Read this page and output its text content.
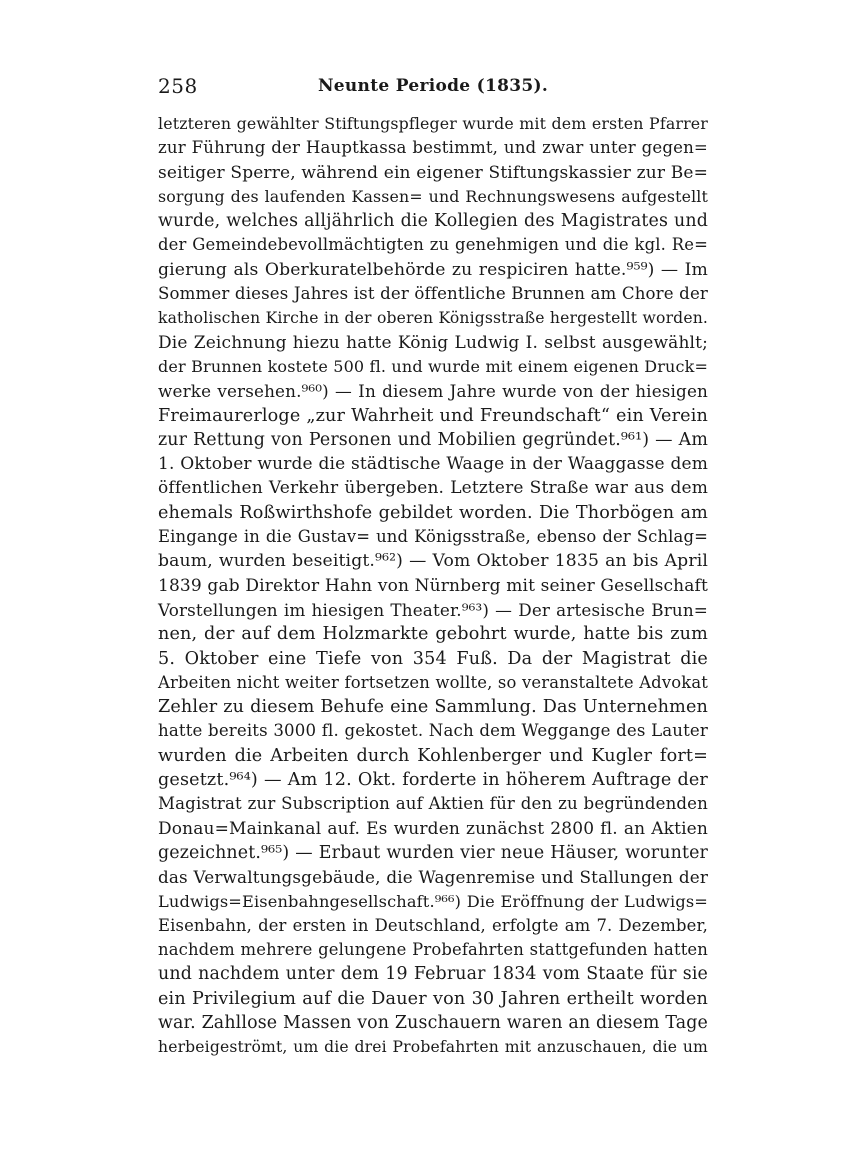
258	Neunte Periode (1835).
letzteren gewählter Stiftungspfleger wurde mit dem ersten Pfarrer
zur Führung der Hauptkassa bestimmt, und zwar unter gegen=
seitiger Sperre, während ein eigener Stiftungskassier zur Be=
sorgung des laufenden Kassen= und Rechnungswesens aufgestellt
wurde, welches alljährlich die Kollegien des Magistrates und
der Gemeindebevollmächtigten zu genehmigen und die kgl. Re=
gierung als Oberkuratelbehörde zu respiciren hatte.⁹⁵⁹) — Im
Sommer dieses Jahres ist der öffentliche Brunnen am Chore der
katholischen Kirche in der oberen Königsstraße hergestellt worden.
Die Zeichnung hiezu hatte König Ludwig I. selbst ausgewählt;
der Brunnen kostete 500 fl. und wurde mit einem eigenen Druck=
werke versehen.⁹⁶⁰) — In diesem Jahre wurde von der hiesigen
Freimaurerloge „zur Wahrheit und Freundschaft“ ein Verein
zur Rettung von Personen und Mobilien gegründet.⁹⁶¹) — Am
1. Oktober wurde die städtische Waage in der Waaggasse dem
öffentlichen Verkehr übergeben. Letztere Straße war aus dem
ehemals Roßwirthshofe gebildet worden. Die Thorbögen am
Eingange in die Gustav= und Königsstraße, ebenso der Schlag=
baum, wurden beseitigt.⁹⁶²) — Vom Oktober 1835 an bis April
1839 gab Direktor Hahn von Nürnberg mit seiner Gesellschaft
Vorstellungen im hiesigen Theater.⁹⁶³) — Der artesische Brun=
nen, der auf dem Holzmarkte gebohrt wurde, hatte bis zum
5. Oktober eine Tiefe von 354 Fuß. Da der Magistrat die
Arbeiten nicht weiter fortsetzen wollte, so veranstaltete Advokat
Zehler zu diesem Behufe eine Sammlung. Das Unternehmen
hatte bereits 3000 fl. gekostet. Nach dem Weggange des Lauter
wurden die Arbeiten durch Kohlenberger und Kugler fort=
gesetzt.⁹⁶⁴) — Am 12. Okt. forderte in höherem Auftrage der
Magistrat zur Subscription auf Aktien für den zu begründenden
Donau=Mainkanal auf. Es wurden zunächst 2800 fl. an Aktien
gezeichnet.⁹⁶⁵) — Erbaut wurden vier neue Häuser, worunter
das Verwaltungsgebäude, die Wagenremise und Stallungen der
Ludwigs=Eisenbahngesellschaft.⁹⁶⁶) Die Eröffnung der Ludwigs=
Eisenbahn, der ersten in Deutschland, erfolgte am 7. Dezember,
nachdem mehrere gelungene Probefahrten stattgefunden hatten
und nachdem unter dem 19 Februar 1834 vom Staate für sie
ein Privilegium auf die Dauer von 30 Jahren ertheilt worden
war. Zahllose Massen von Zuschauern waren an diesem Tage
herbeigeströmt, um die drei Probefahrten mit anzuschauen, die um
